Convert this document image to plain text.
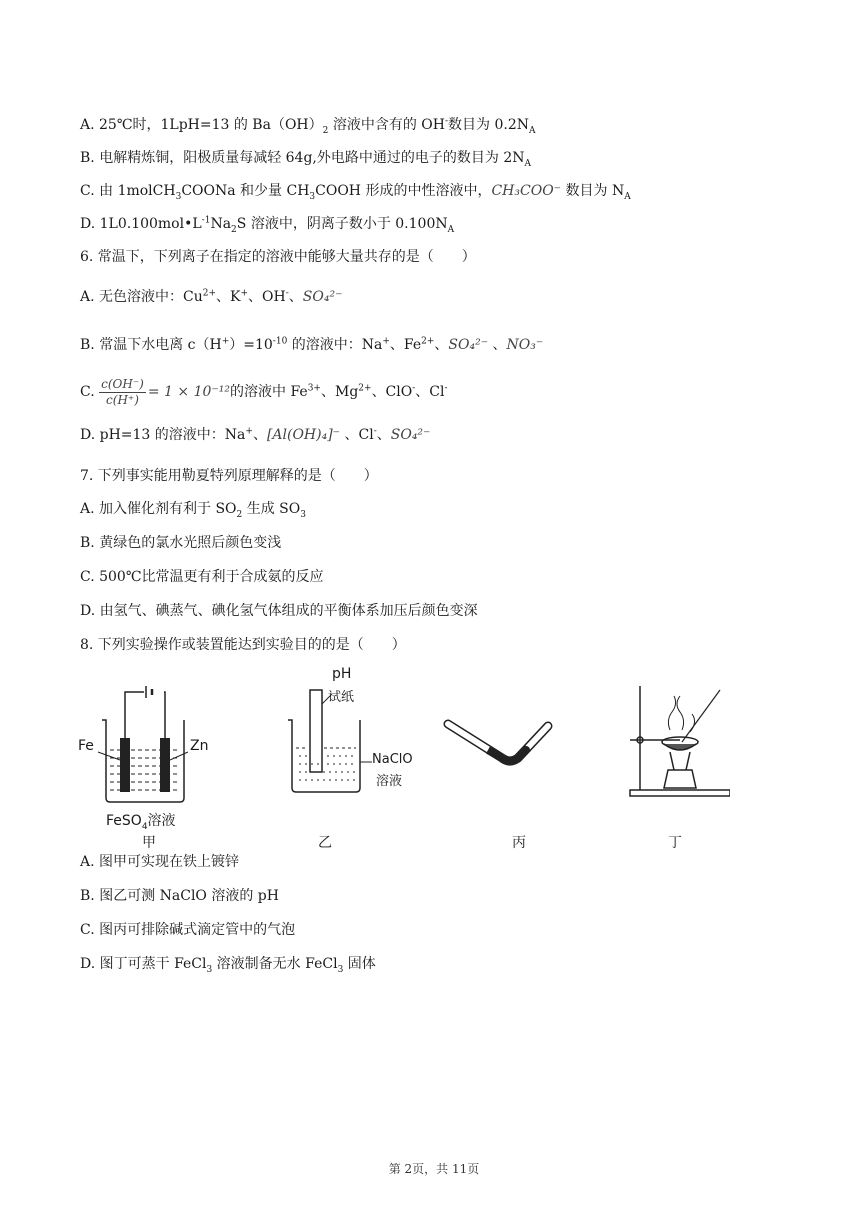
A. 25℃时，1LpH=13 的 $Ba(OH)_2$ 溶液中含有的 OH-数目为 $0.2N_A$
B. 电解精炼铜，阳极质量每减轻 64g,外电路中通过的电子的数目为 $2N_A$
C. 由 1molCH$_3$COONa 和少量 $CH_3COOH$ 形成的中性溶液中，CH₃COO⁻ 数目为 $N_A$
D. $1L0.100mol•L^{-1}Na_2S$ 溶液中，阴离子数小于 $0.100N_A$
6. 常温下，下列离子在指定的溶液中能够大量共存的是（　　）
A. 无色溶液中：$Cu^{2+}$、K+、OH-、SO₄²⁻
B. 常温下水电离 $c(H^+)=10^{-10}$ 的溶液中：Na+、$Fe^{2+}$、SO₄²⁻ 、NO₃⁻
C. $\frac{c(OH^-)}{c(H^+)} = 1 \times 10^{-12}$的溶液中 $Fe^{3+}$、$Mg^{2+}$、ClO-、Cl-
D. pH=13 的溶液中：Na+、[Al(OH)₄]⁻ 、Cl-、SO₄²⁻
7. 下列事实能用勒夏特列原理解释的是（　　）
A. 加入催化剂有利于 $SO_2$ 生成 $SO_3$
B. 黄绿色的氯水光照后颜色变浅
C. 500℃比常温更有利于合成氨的反应
D. 由氢气、碘蒸气、碘化氢气体组成的平衡体系加压后颜色变深
8. 下列实验操作或装置能达到实验目的的是（　　）
Fe	Zn
FeSO$_4$溶液
pH
试纸
NaClO
溶液
甲	乙	丙	丁
A. 图甲可实现在铁上镀锌
B. 图乙可测 NaClO 溶液的 pH
C. 图丙可排除碱式滴定管中的气泡
D. 图丁可蒸干 FeCl$_3$ 溶液制备无水 FeCl$_3$ 固体
第 2页，共 11页
